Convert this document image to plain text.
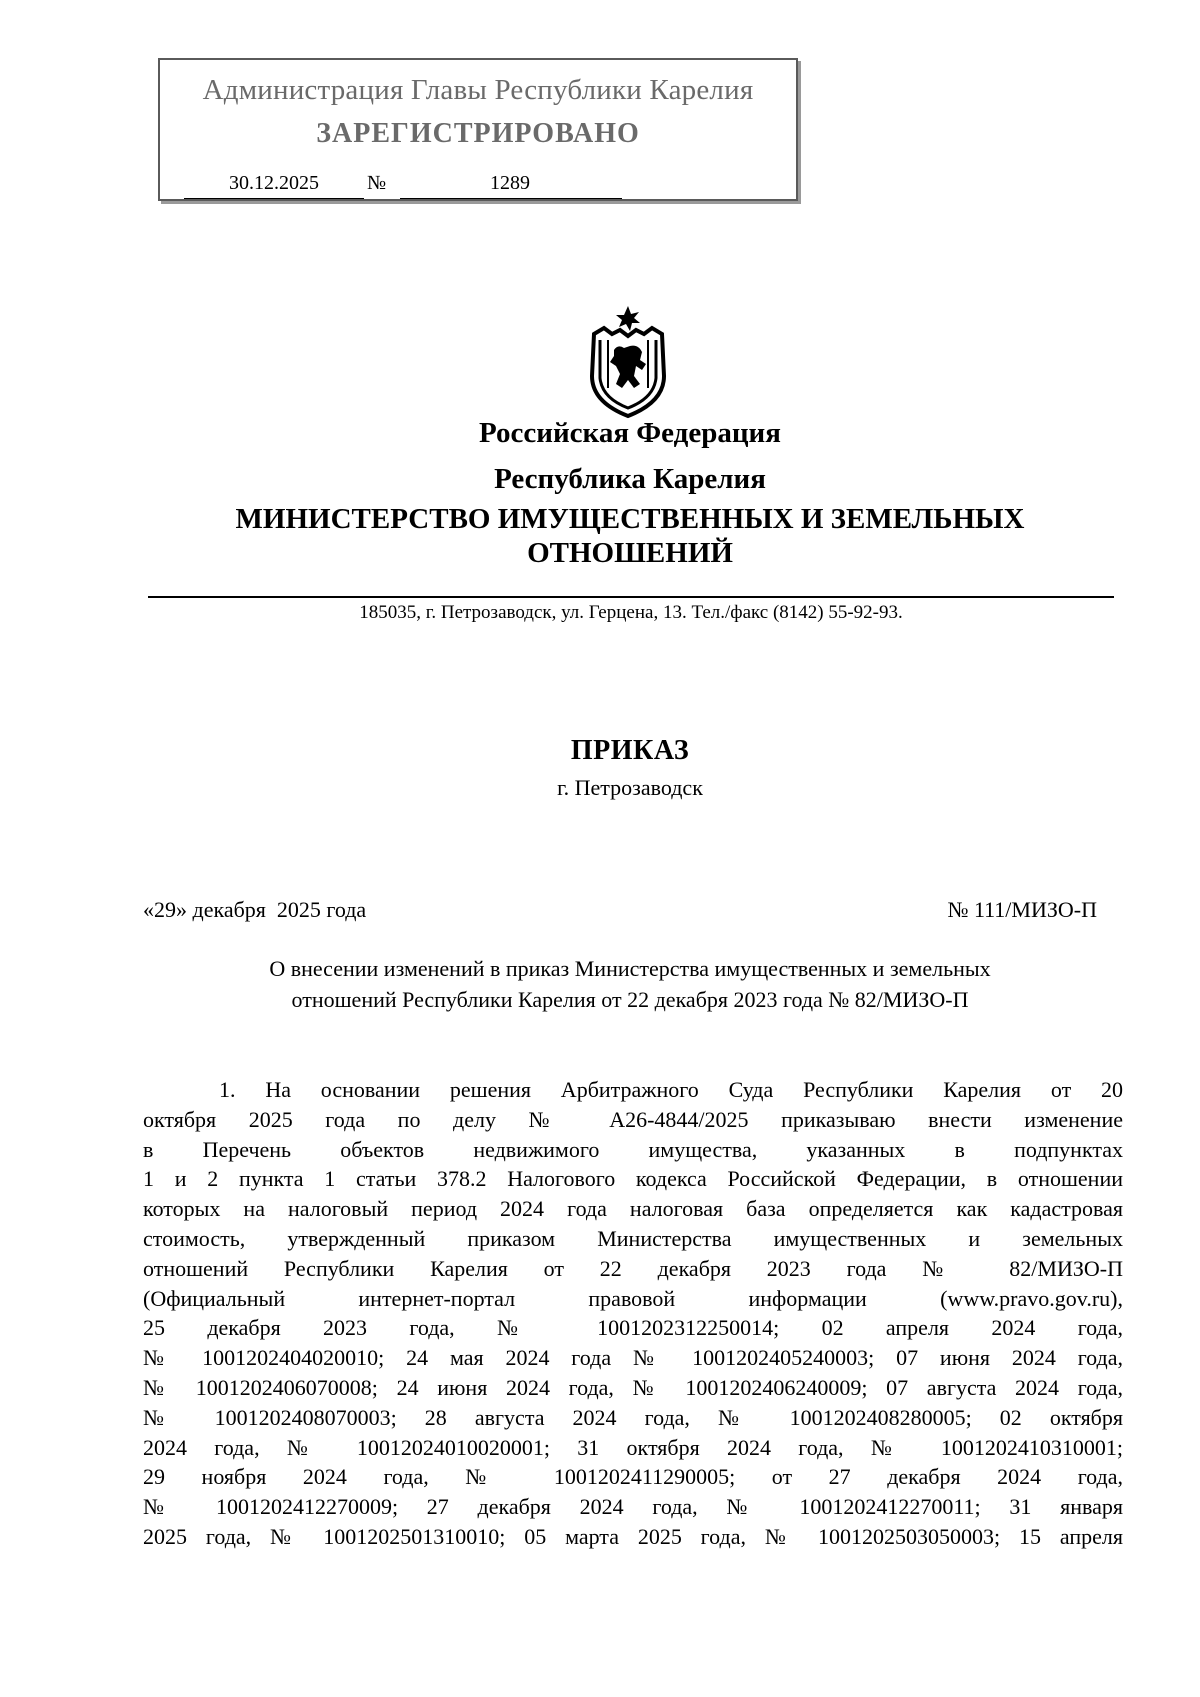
Администрация Главы Республики Карелия
ЗАРЕГИСТРИРОВАНО
30.12.2025	№	1289
Российская Федерация
Республика Карелия
МИНИСТЕРСТВО ИМУЩЕСТВЕННЫХ И ЗЕМЕЛЬНЫХ
ОТНОШЕНИЙ
185035, г. Петрозаводск, ул. Герцена, 13. Тел./факс (8142) 55-92-93.
ПРИКАЗ
г. Петрозаводск
«29» декабря  2025 года	№ 111/МИЗО-П
О внесении изменений в приказ Министерства имущественных и земельных
отношений Республики Карелия от 22 декабря 2023 года № 82/МИЗО-П
1. На основании решения Арбитражного Суда Республики Карелия от 20
октября 2025 года по делу № А26-4844/2025 приказываю внести изменение
в Перечень объектов недвижимого имущества, указанных в подпунктах
1 и 2 пункта 1 статьи 378.2 Налогового кодекса Российской Федерации, в отношении
которых на налоговый период 2024 года налоговая база определяется как кадастровая
стоимость, утвержденный приказом Министерства имущественных и земельных
отношений Республики Карелия от 22 декабря 2023 года № 82/МИЗО-П
(Официальный интернет-портал правовой информации (www.pravo.gov.ru),
25 декабря 2023 года, № 1001202312250014; 02 апреля 2024 года,
№ 1001202404020010; 24 мая 2024 года № 1001202405240003; 07 июня 2024 года,
№ 1001202406070008; 24 июня 2024 года, № 1001202406240009; 07 августа 2024 года,
№ 1001202408070003; 28 августа 2024 года, № 1001202408280005; 02 октября
2024 года, № 10012024010020001; 31 октября 2024 года, № 1001202410310001;
29 ноября 2024 года, № 1001202411290005; от 27 декабря 2024 года,
№ 1001202412270009; 27 декабря 2024 года, № 1001202412270011; 31 января
2025 года, № 1001202501310010; 05 марта 2025 года, № 1001202503050003; 15 апреля
